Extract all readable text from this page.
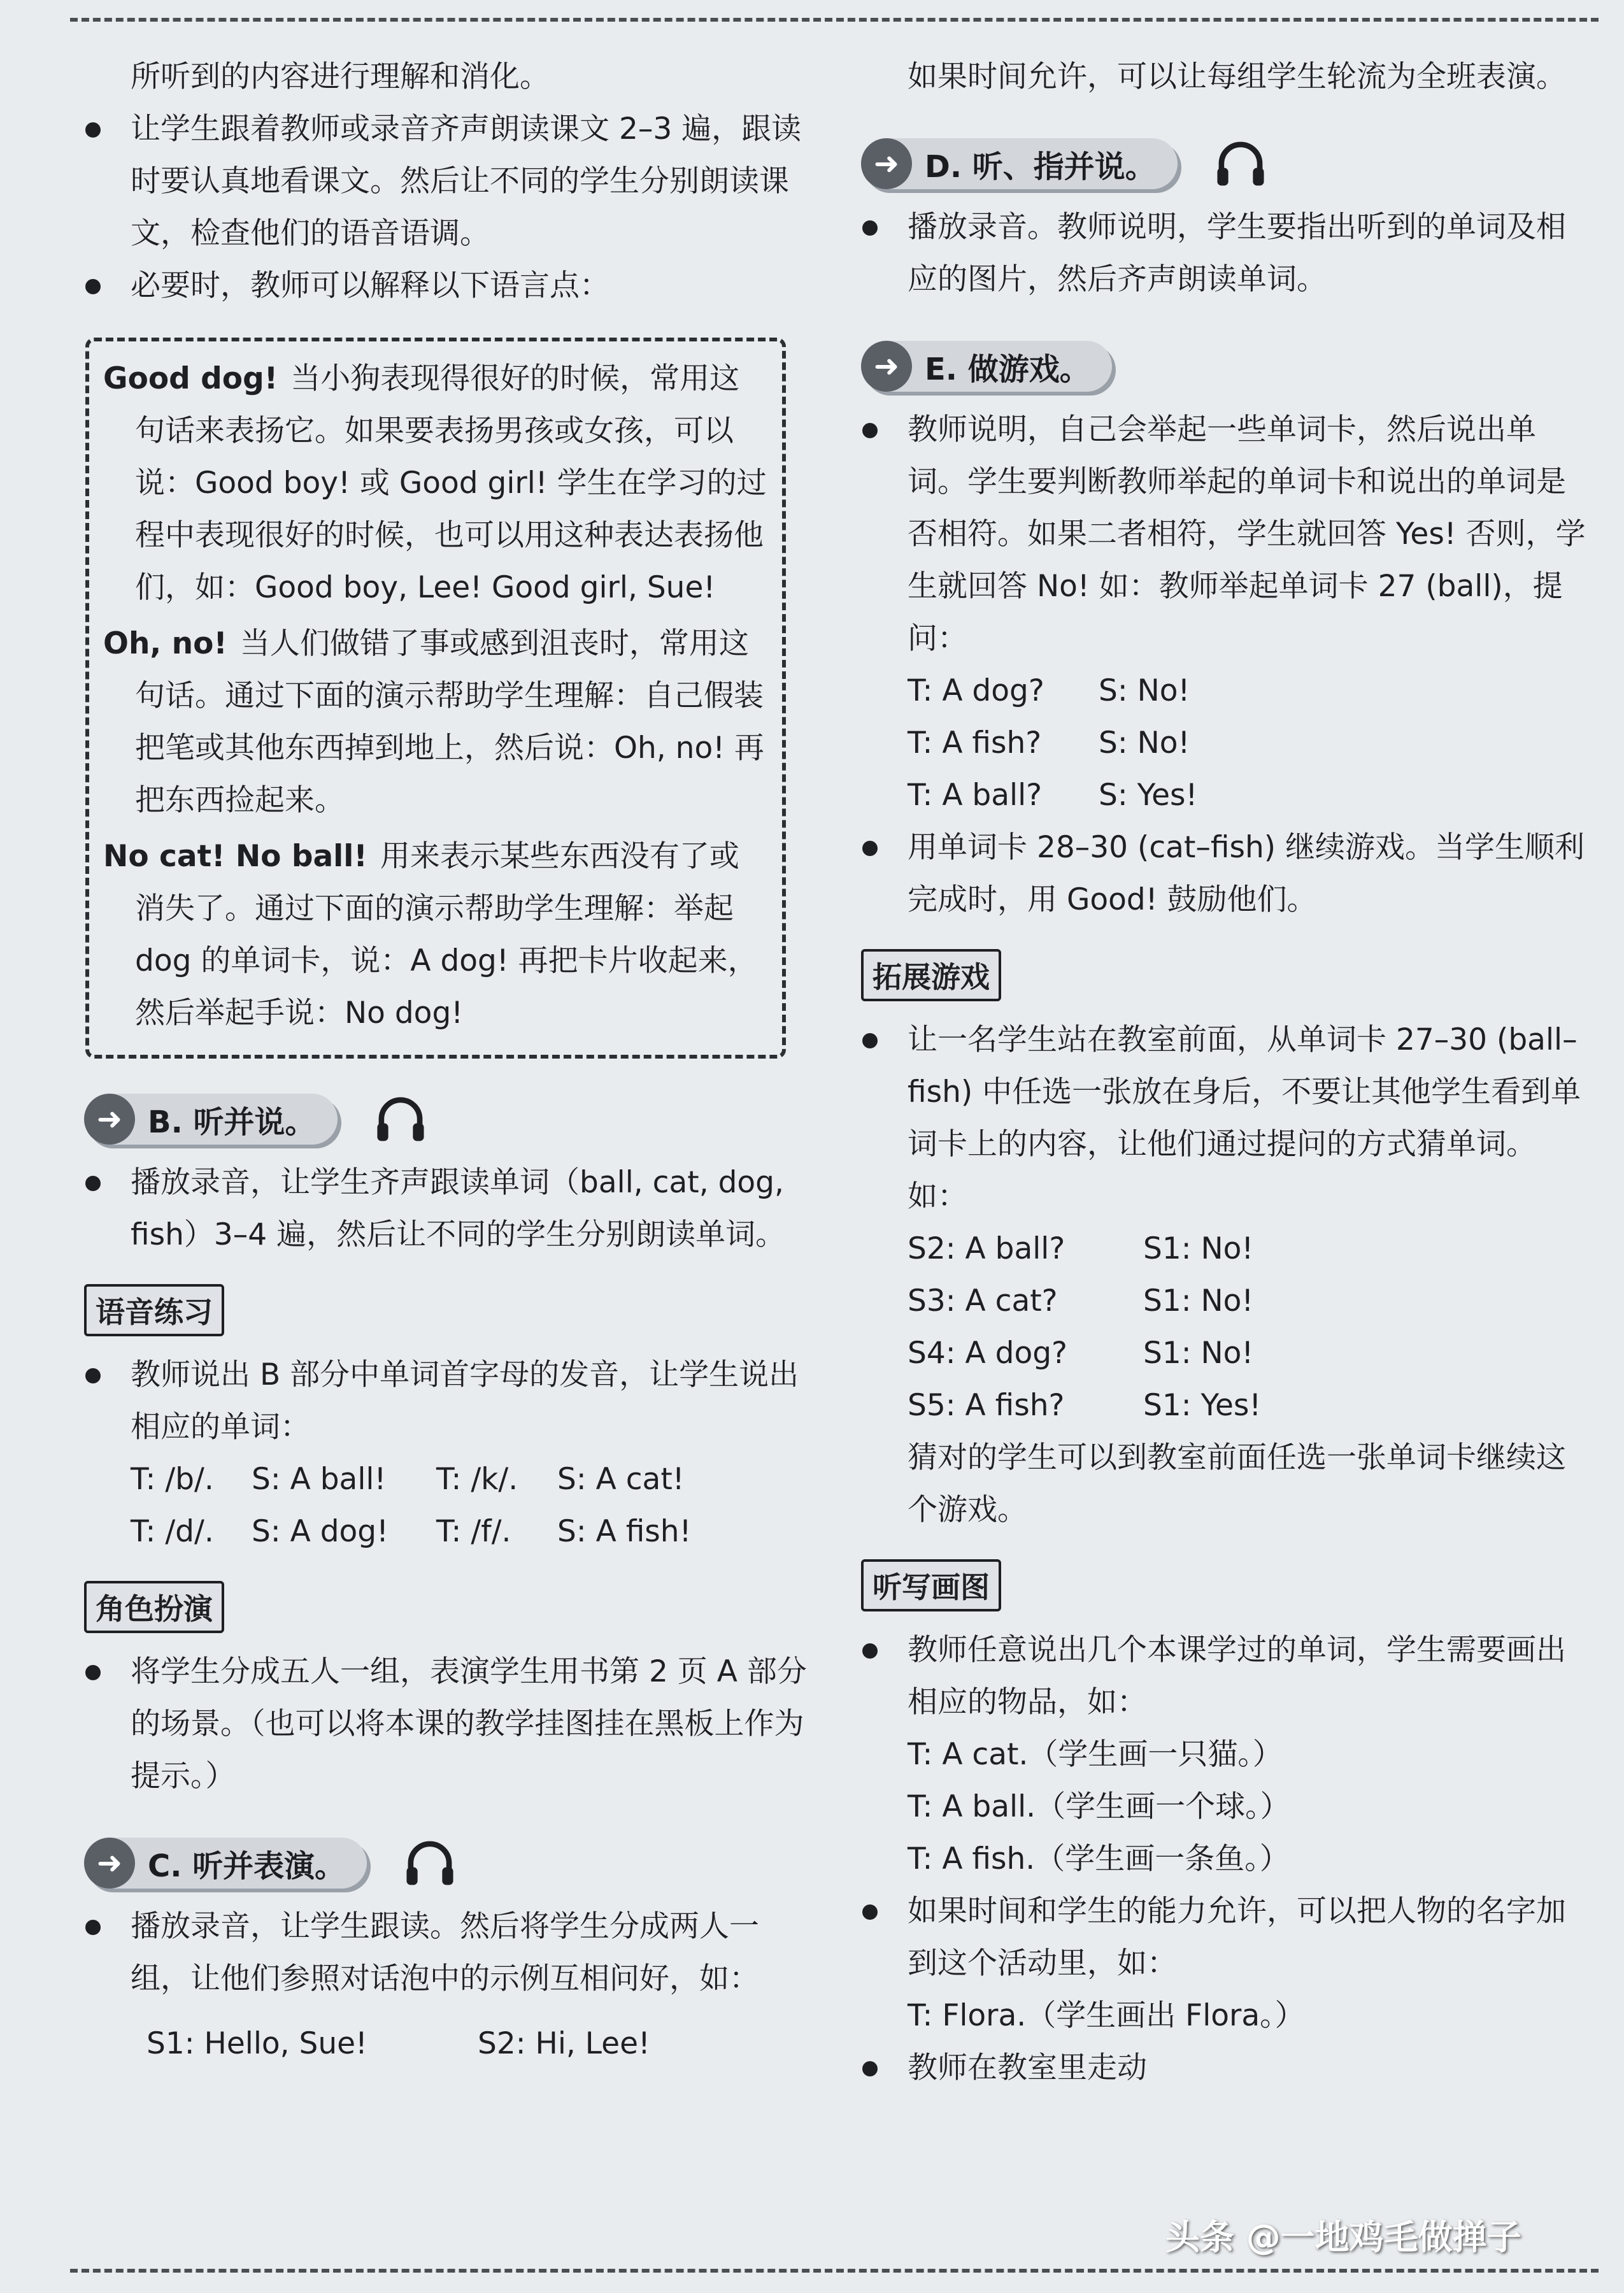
所听到的内容进行理解和消化。

让学生跟着教师或录音齐声朗读课文 2–3 遍，跟读时要认真地看课文。然后让不同的学生分别朗读课文，检查他们的语音语调。

必要时，教师可以解释以下语言点：

Good dog! 当小狗表现得很好的时候，常用这句话来表扬它。如果要表扬男孩或女孩，可以说：Good boy! 或 Good girl! 学生在学习的过程中表现很好的时候，也可以用这种表达表扬他们，如：Good boy, Lee! Good girl, Sue!

Oh, no! 当人们做错了事或感到沮丧时，常用这句话。通过下面的演示帮助学生理解：自己假装把笔或其他东西掉到地上，然后说：Oh, no! 再把东西捡起来。

No cat! No ball! 用来表示某些东西没有了或消失了。通过下面的演示帮助学生理解：举起 dog 的单词卡，说：A dog! 再把卡片收起来，然后举起手说：No dog!

➜ B. 听并说。

播放录音，让学生齐声跟读单词（ball, cat, dog, fish）3–4 遍，然后让不同的学生分别朗读单词。

语音练习

教师说出 B 部分中单词首字母的发音，让学生说出相应的单词：

T: /b/.	S: A ball!	T: /k/.	S: A cat!
T: /d/.	S: A dog!	T: /f/.	S: A fish!
角色扮演

将学生分成五人一组，表演学生用书第 2 页 A 部分的场景。（也可以将本课的教学挂图挂在黑板上作为提示。）

➜ C. 听并表演。

播放录音，让学生跟读。然后将学生分成两人一组，让他们参照对话泡中的示例互相问好，如：

S1: Hello, Sue!	S2: Hi, Lee!

如果时间允许，可以让每组学生轮流为全班表演。

➜ D. 听、指并说。

播放录音。教师说明，学生要指出听到的单词及相应的图片，然后齐声朗读单词。

➜ E. 做游戏。

教师说明，自己会举起一些单词卡，然后说出单词。学生要判断教师举起的单词卡和说出的单词是否相符。如果二者相符，学生就回答 Yes! 否则，学生就回答 No! 如：教师举起单词卡 27 (ball)，提问：

T: A dog?	S: No!
T: A fish?	S: No!
T: A ball?	S: Yes!

用单词卡 28–30 (cat–fish) 继续游戏。当学生顺利完成时，用 Good! 鼓励他们。

拓展游戏

让一名学生站在教室前面，从单词卡 27–30 (ball–fish) 中任选一张放在身后，不要让其他学生看到单词卡上的内容，让他们通过提问的方式猜单词。如：

S2: A ball?	S1: No!
S3: A cat?	S1: No!
S4: A dog?	S1: No!
S5: A fish?	S1: Yes!

猜对的学生可以到教室前面任选一张单词卡继续这个游戏。

听写画图

教师任意说出几个本课学过的单词，学生需要画出相应的物品，如：

T: A cat.（学生画一只猫。）

T: A ball.（学生画一个球。）

T: A fish.（学生画一条鱼。）

如果时间和学生的能力允许，可以把人物的名字加到这个活动里，如：

T: Flora.（学生画出 Flora。）

教师在教室里走动

头条 @一地鸡毛做掸子
